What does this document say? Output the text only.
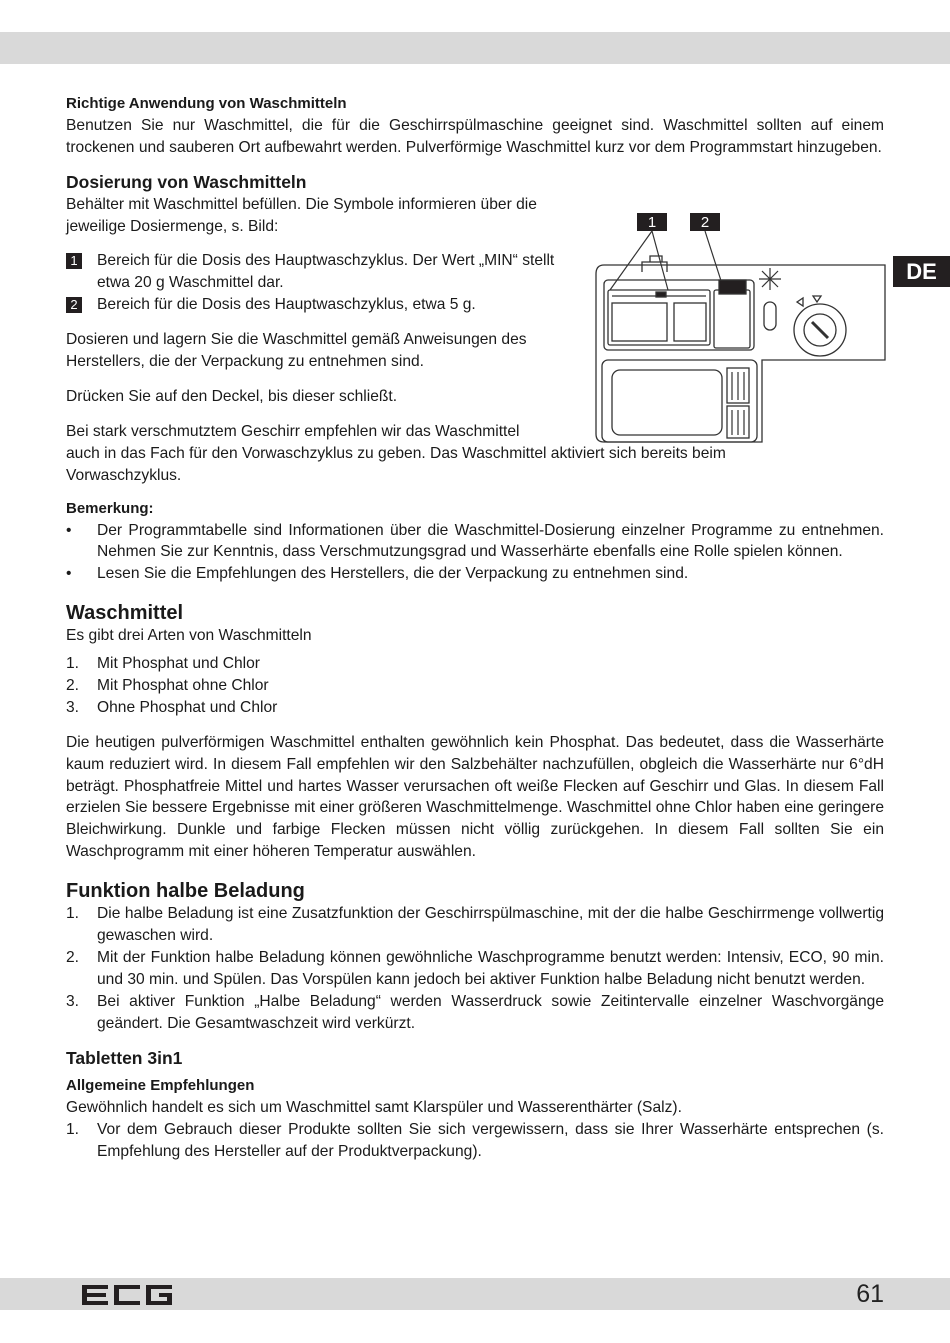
DE

Richtige Anwendung von Waschmitteln

Benutzen Sie nur Waschmittel, die für die Geschirrspülmaschine geeignet sind. Waschmittel sollten auf einem trockenen und sauberen Ort aufbewahrt werden. Pulverförmige Waschmittel kurz vor dem Programmstart hinzugeben.

Dosierung von Waschmitteln

Behälter mit Waschmittel befüllen. Die Symbole informieren über die jeweilige Dosiermenge, s. Bild:

1 Bereich für die Dosis des Hauptwaschzyklus. Der Wert „MIN“ stellt etwa 20 g Waschmittel dar.
2 Bereich für die Dosis des Hauptwaschzyklus, etwa 5 g.

Dosieren und lagern Sie die Waschmittel gemäß Anweisungen des Herstellers, die der Verpackung zu entnehmen sind.

Drücken Sie auf den Deckel, bis dieser schließt.

Bei stark verschmutztem Geschirr empfehlen wir das Waschmittel

auch in das Fach für den Vorwaschzyklus zu geben. Das Waschmittel aktiviert sich bereits beim Vorwaschzyklus.

Bemerkung:

• Der Programmtabelle sind Informationen über die Waschmittel-Dosierung einzelner Programme zu entnehmen. Nehmen Sie zur Kenntnis, dass Verschmutzungsgrad und Wasserhärte ebenfalls eine Rolle spielen können.
• Lesen Sie die Empfehlungen des Herstellers, die der Verpackung zu entnehmen sind.

Waschmittel

Es gibt drei Arten von Waschmitteln

1. Mit Phosphat und Chlor
2. Mit Phosphat ohne Chlor
3. Ohne Phosphat und Chlor

Die heutigen pulverförmigen Waschmittel enthalten gewöhnlich kein Phosphat. Das bedeutet, dass die Wasserhärte kaum reduziert wird. In diesem Fall empfehlen wir den Salzbehälter nachzufüllen, obgleich die Wasserhärte nur 6°dH beträgt. Phosphatfreie Mittel und hartes Wasser verursachen oft weiße Flecken auf Geschirr und Glas. In diesem Fall erzielen Sie bessere Ergebnisse mit einer größeren Waschmittelmenge. Waschmittel ohne Chlor haben eine geringere Bleichwirkung. Dunkle und farbige Flecken müssen nicht völlig zurückgehen. In diesem Fall sollten Sie ein Waschprogramm mit einer höheren Temperatur auswählen.

Funktion halbe Beladung

1. Die halbe Beladung ist eine Zusatzfunktion der Geschirrspülmaschine, mit der die halbe Geschirrmenge vollwertig gewaschen wird.
2. Mit der Funktion halbe Beladung können gewöhnliche Waschprogramme benutzt werden: Intensiv, ECO, 90 min. und 30 min. und Spülen. Das Vorspülen kann jedoch bei aktiver Funktion halbe Beladung nicht benutzt werden.
3. Bei aktiver Funktion „Halbe Beladung“ werden Wasserdruck sowie Zeitintervalle einzelner Waschvorgänge geändert. Die Gesamtwaschzeit wird verkürzt.

Tabletten 3in1

Allgemeine Empfehlungen

Gewöhnlich handelt es sich um Waschmittel samt Klarspüler und Wasserenthärter (Salz).

1. Vor dem Gebrauch dieser Produkte sollten Sie sich vergewissern, dass sie Ihrer Wasserhärte entsprechen (s. Empfehlung des Hersteller auf der Produktverpackung).
1	2
61
